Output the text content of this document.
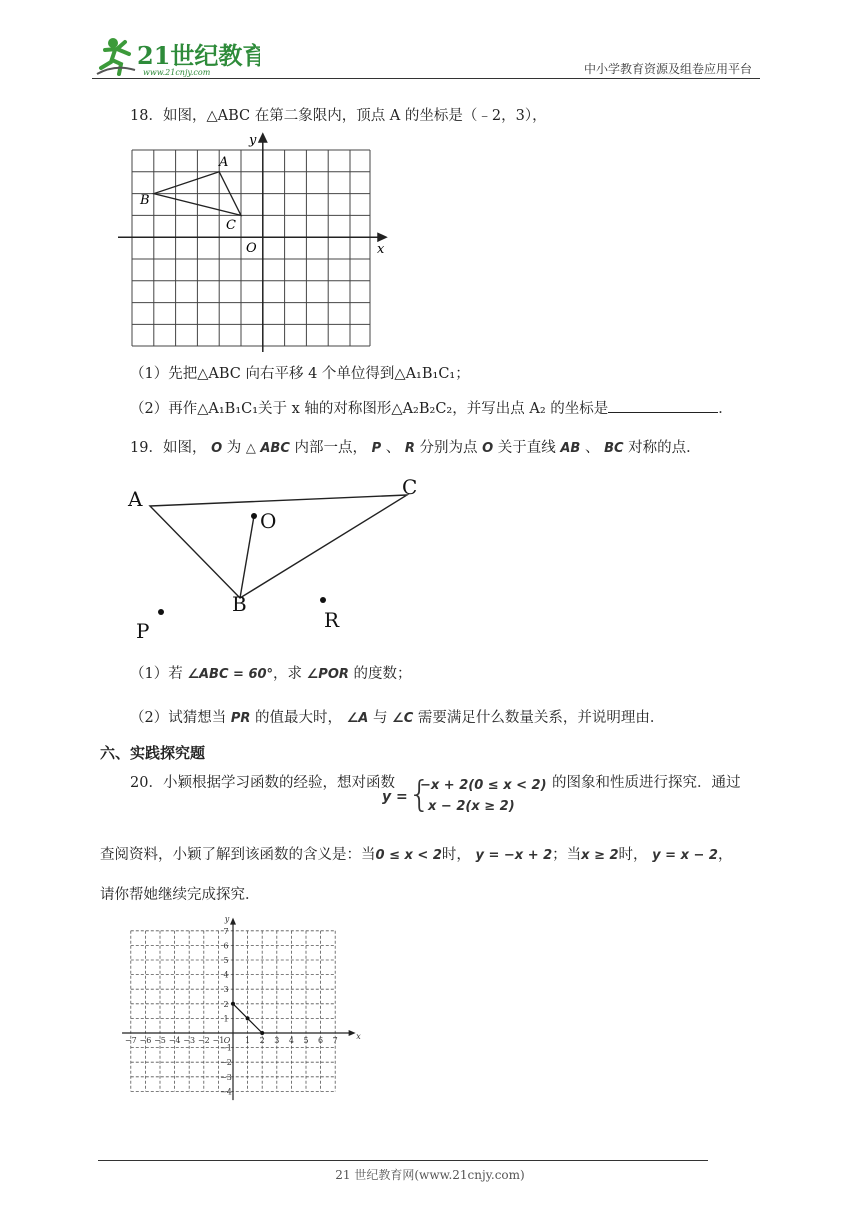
21世纪教育
www.21cnjy.com	中小学教育资源及组卷应用平台
18．如图，△ABC 在第二象限内，顶点 A 的坐标是（﹣2，3），
A
B
C
O	x
y
（1）先把△ABC 向右平移 4 个单位得到△A₁B₁C₁；
（2）再作△A₁B₁C₁关于 x 轴的对称图形△A₂B₂C₂，并写出点 A₂ 的坐标是	．
19．如图， O 为 △ ABC 内部一点， P 、 R 分别为点 O 关于直线 AB 、 BC 对称的点．
A	C
O
B
P	R
（1）若 ∠ABC = 60°，求 ∠POR 的度数；
（2）试猜想当 PR 的值最大时， ∠A 与 ∠C 需要满足什么数量关系，并说明理由．
六、实践探究题
20．小颖根据学习函数的经验，想对函数
y = {
−x + 2(0 ≤ x < 2)
x − 2(x ≥ 2)
的图象和性质进行探究．通过
查阅资料，小颖了解到该函数的含义是：当0 ≤ x < 2时， y = −x + 2；当x ≥ 2时， y = x − 2，
请你帮她继续完成探究．
−7 −6 −5 −4 −3 −2 −1	1 2 3 4 5 6 7
7
6
5
4
3
2
1
−1
−2
−3
−4
x
y
O
21 世纪教育网(www.21cnjy.com)
